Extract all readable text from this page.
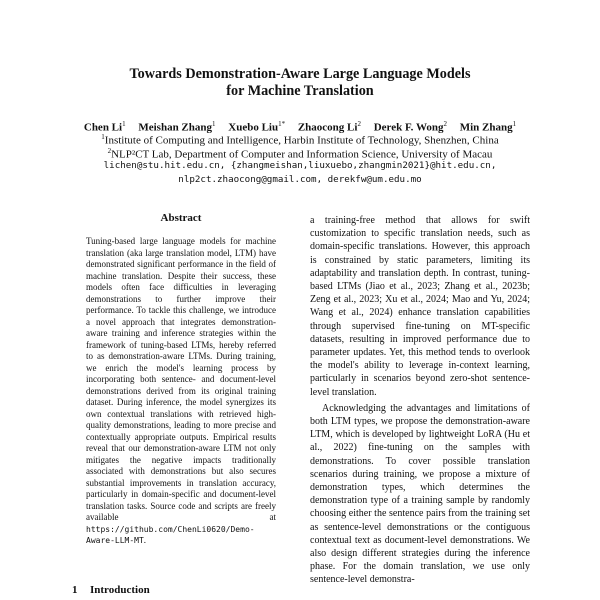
Towards Demonstration-Aware Large Language Models
for Machine Translation
Chen Li$^1$ Meishan Zhang$^1$ Xuebo Liu$^{1*}$ Zhaocong Li$^2$ Derek F. Wong$^2$ Min Zhang$^1$
$^1$Institute of Computing and Intelligence, Harbin Institute of Technology, Shenzhen, China
$^2$NLP²CT Lab, Department of Computer and Information Science, University of Macau
lichen@stu.hit.edu.cn, {zhangmeishan,liuxuebo,zhangmin2021}@hit.edu.cn,
nlp2ct.zhaocong@gmail.com, derekfw@um.edu.mo
Abstract
Tuning-based large language models for machine translation (aka large translation model, LTM) have demonstrated significant performance in the field of machine translation. Despite their success, these models often face difficulties in leveraging demonstrations to further improve their performance. To tackle this challenge, we introduce a novel approach that integrates demonstration-aware training and inference strategies within the framework of tuning-based LTMs, hereby referred to as demonstration-aware LTMs. During training, we enrich the model's learning process by incorporating both sentence- and document-level demonstrations derived from its original training dataset. During inference, the model synergizes its own contextual translations with retrieved high-quality demonstrations, leading to more precise and contextually appropriate outputs. Empirical results reveal that our demonstration-aware LTM not only mitigates the negative impacts traditionally associated with demonstrations but also secures substantial improvements in translation accuracy, particularly in domain-specific and document-level translation tasks. Source code and scripts are freely available at https://github.com/ChenLi0620/Demo-Aware-LLM-MT.
1 Introduction

a training-free method that allows for swift customization to specific translation needs, such as domain-specific translations. However, this approach is constrained by static parameters, limiting its adaptability and translation depth. In contrast, tuning-based LTMs (Jiao et al., 2023; Zhang et al., 2023b; Zeng et al., 2023; Xu et al., 2024; Mao and Yu, 2024; Wang et al., 2024) enhance translation capabilities through supervised fine-tuning on MT-specific datasets, resulting in improved performance due to parameter updates. Yet, this method tends to overlook the model's ability to leverage in-context learning, particularly in scenarios beyond zero-shot sentence-level translation.

Acknowledging the advantages and limitations of both LTM types, we propose the demonstration-aware LTM, which is developed by lightweight LoRA (Hu et al., 2022) fine-tuning on the samples with demonstrations. To cover possible translation scenarios during training, we propose a mixture of demonstration types, which determines the demonstration type of a training sample by randomly choosing either the sentence pairs from the training set as sentence-level demonstrations or the contiguous contextual text as document-level demonstrations. We also design different strategies during the inference phase. For the domain translation, we use only sentence-level demonstra-
